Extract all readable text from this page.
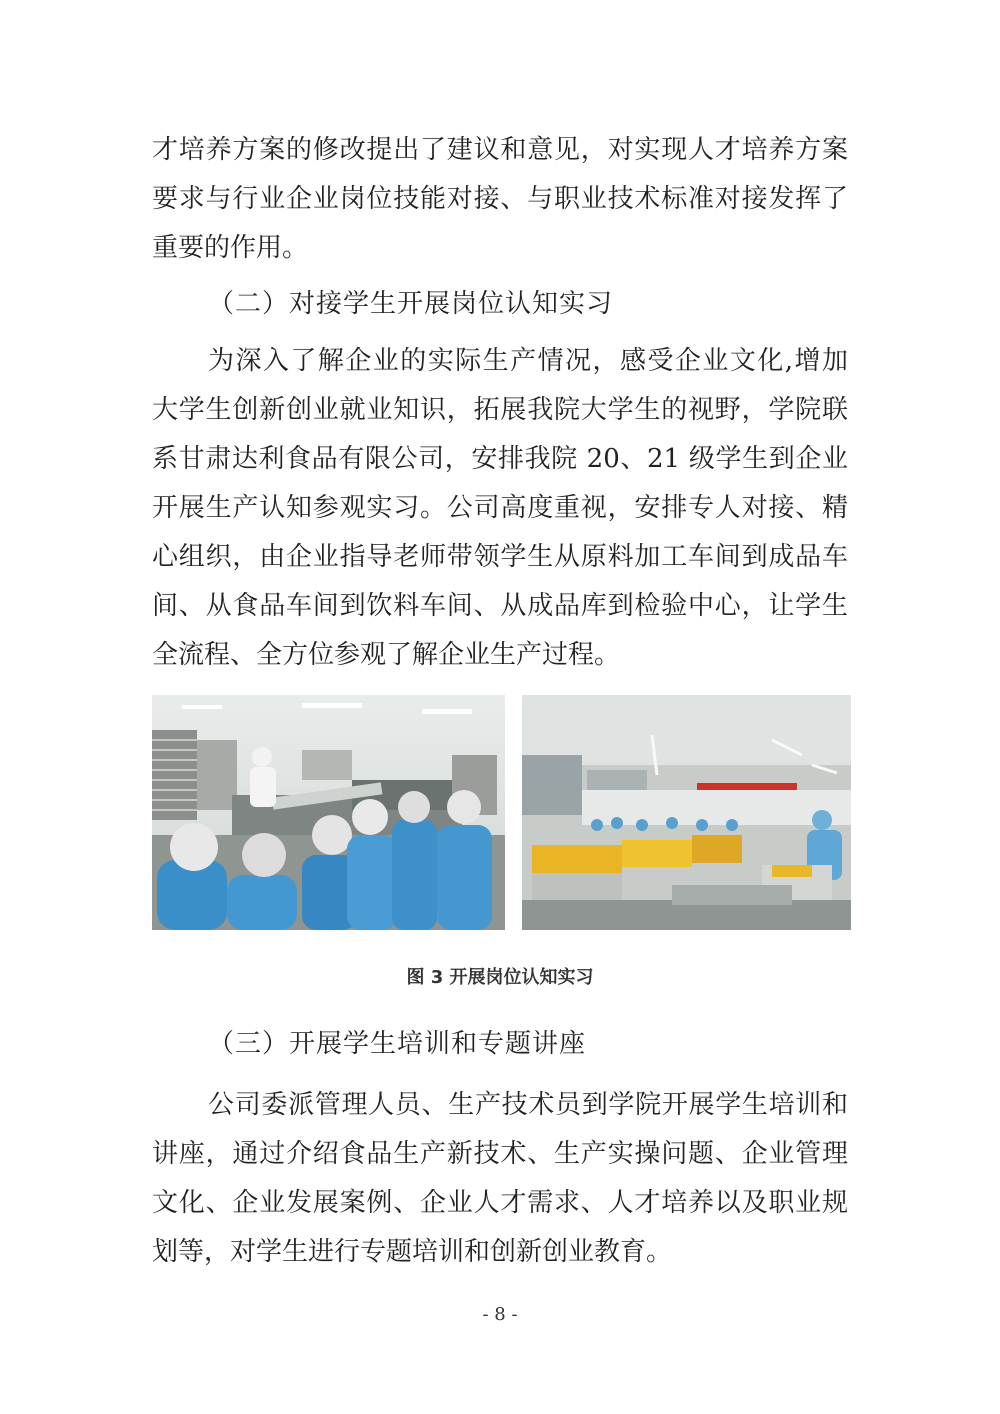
才培养方案的修改提出了建议和意见，对实现人才培养方案
要求与行业企业岗位技能对接、与职业技术标准对接发挥了
重要的作用。
（二）对接学生开展岗位认知实习
为深入了解企业的实际生产情况，感受企业文化,增加
大学生创新创业就业知识，拓展我院大学生的视野，学院联
系甘肃达利食品有限公司，安排我院 20、21 级学生到企业
开展生产认知参观实习。公司高度重视，安排专人对接、精
心组织，由企业指导老师带领学生从原料加工车间到成品车
间、从食品车间到饮料车间、从成品库到检验中心，让学生
全流程、全方位参观了解企业生产过程。
图 3 开展岗位认知实习
（三）开展学生培训和专题讲座
公司委派管理人员、生产技术员到学院开展学生培训和
讲座，通过介绍食品生产新技术、生产实操问题、企业管理
文化、企业发展案例、企业人才需求、人才培养以及职业规
划等，对学生进行专题培训和创新创业教育。
- 8 -
